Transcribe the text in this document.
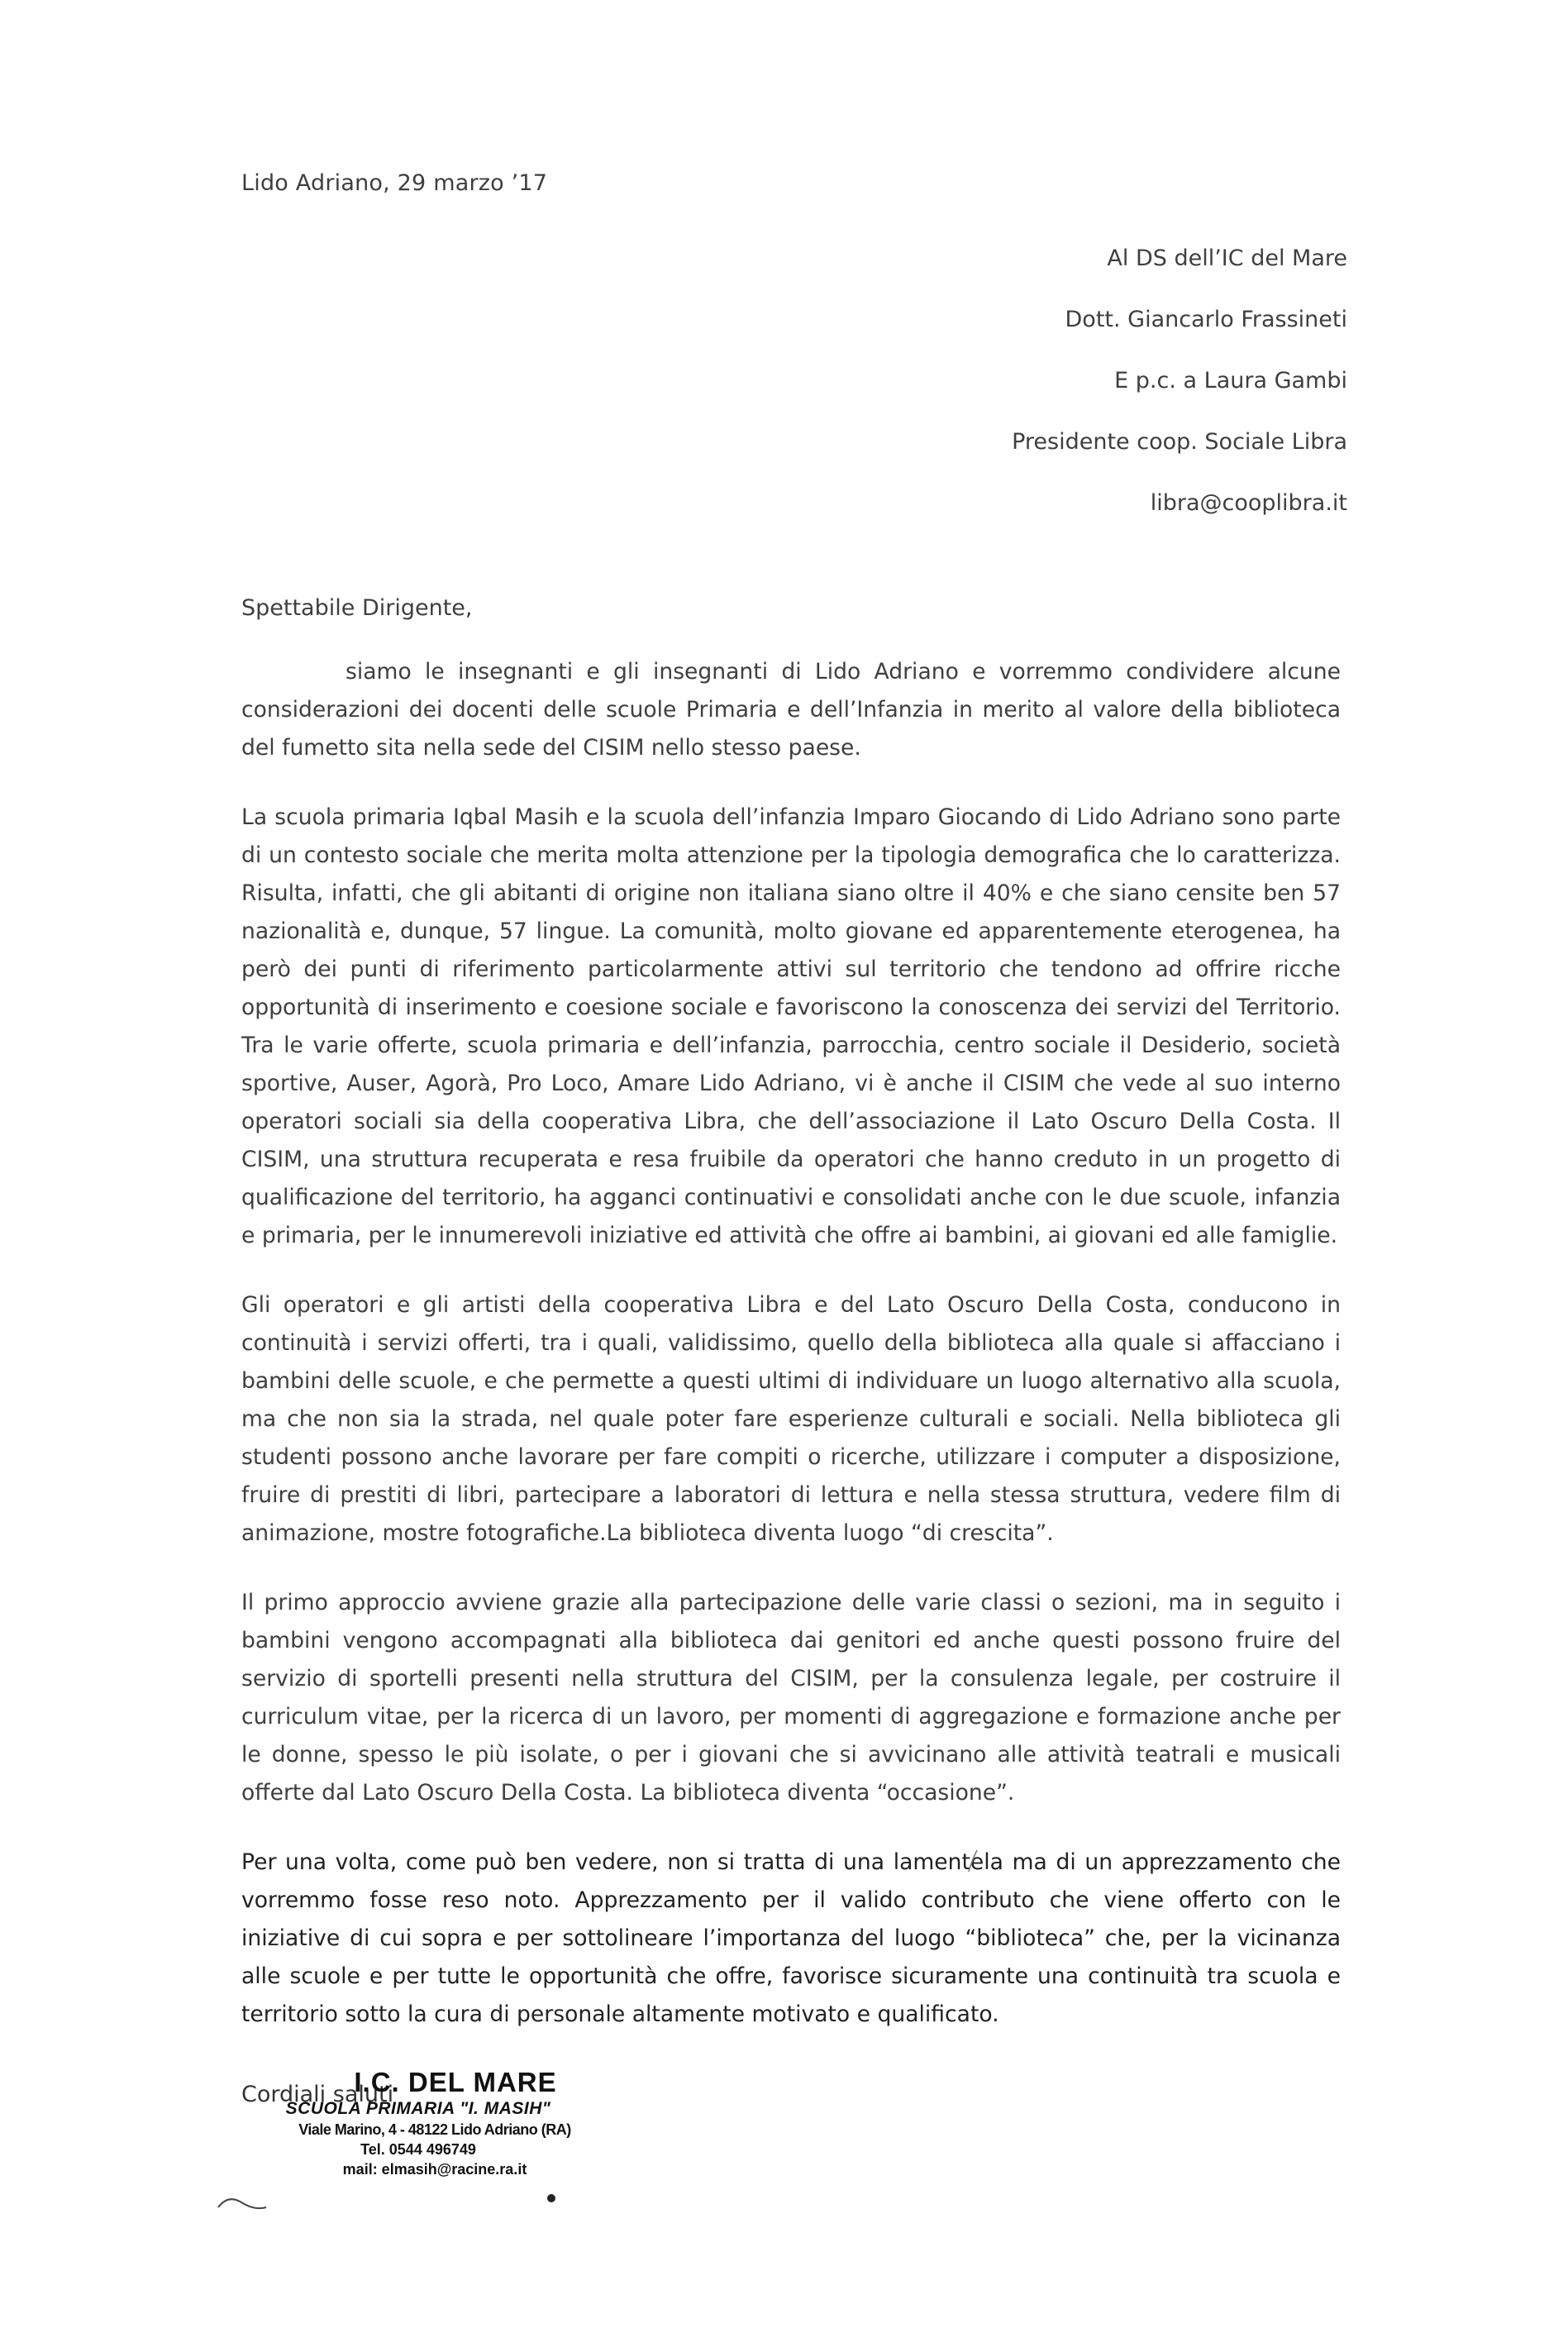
Lido Adriano, 29 marzo ’17
Al DS dell’IC del Mare
Dott. Giancarlo Frassineti
E p.c. a Laura Gambi
Presidente coop. Sociale Libra
libra@cooplibra.it
Spettabile Dirigente,

siamo le insegnanti e gli insegnanti di Lido Adriano e vorremmo condividere alcune considerazioni dei docenti delle scuole Primaria e dell’Infanzia in merito al valore della biblioteca del fumetto sita nella sede del CISIM nello stesso paese.

La scuola primaria Iqbal Masih e la scuola dell’infanzia Imparo Giocando di Lido Adriano sono parte di un contesto sociale che merita molta attenzione per la tipologia demografica che lo caratterizza. Risulta, infatti, che gli abitanti di origine non italiana siano oltre il 40% e che siano censite ben 57 nazionalità e, dunque, 57 lingue. La comunità, molto giovane ed apparentemente eterogenea, ha però dei punti di riferimento particolarmente attivi sul territorio che tendono ad offrire ricche opportunità di inserimento e coesione sociale e favoriscono la conoscenza dei servizi del Territorio. Tra le varie offerte, scuola primaria e dell’infanzia, parrocchia, centro sociale il Desiderio, società sportive, Auser, Agorà, Pro Loco, Amare Lido Adriano, vi è anche il CISIM che vede al suo interno operatori sociali sia della cooperativa Libra, che dell’associazione il Lato Oscuro Della Costa. Il CISIM, una struttura recuperata e resa fruibile da operatori che hanno creduto in un progetto di qualificazione del territorio, ha agganci continuativi e consolidati anche con le due scuole, infanzia e primaria, per le innumerevoli iniziative ed attività che offre ai bambini, ai giovani ed alle famiglie.

Gli operatori e gli artisti della cooperativa Libra e del Lato Oscuro Della Costa, conducono in continuità i servizi offerti, tra i quali, validissimo, quello della biblioteca alla quale si affacciano i bambini delle scuole, e che permette a questi ultimi di individuare un luogo alternativo alla scuola, ma che non sia la strada, nel quale poter fare esperienze culturali e sociali. Nella biblioteca gli studenti possono anche lavorare per fare compiti o ricerche, utilizzare i computer a disposizione, fruire di prestiti di libri, partecipare a laboratori di lettura e nella stessa struttura, vedere film di animazione, mostre fotografiche.La biblioteca diventa luogo “di crescita”.

Il primo approccio avviene grazie alla partecipazione delle varie classi o sezioni, ma in seguito i bambini vengono accompagnati alla biblioteca dai genitori ed anche questi possono fruire del servizio di sportelli presenti nella struttura del CISIM, per la consulenza legale, per costruire il curriculum vitae, per la ricerca di un lavoro, per momenti di aggregazione e formazione anche per le donne, spesso le più isolate, o per i giovani che si avvicinano alle attività teatrali e musicali offerte dal Lato Oscuro Della Costa. La biblioteca diventa “occasione”.

Per una volta, come può ben vedere, non si tratta di una lamentela ma di un apprezzamento che vorremmo fosse reso noto. Apprezzamento per il valido contributo che viene offerto con le iniziative di cui sopra e per sottolineare l’importanza del luogo “biblioteca” che, per la vicinanza alle scuole e per tutte le opportunità che offre, favorisce sicuramente una continuità tra scuola e territorio sotto la cura di personale altamente motivato e qualificato.

Cordiali saluti
I.C. DEL MARE
SCUOLA PRIMARIA "I. MASIH"
Viale Marino, 4 - 48122 Lido Adriano (RA)
Tel. 0544 496749
mail: elmasih@racine.ra.it
